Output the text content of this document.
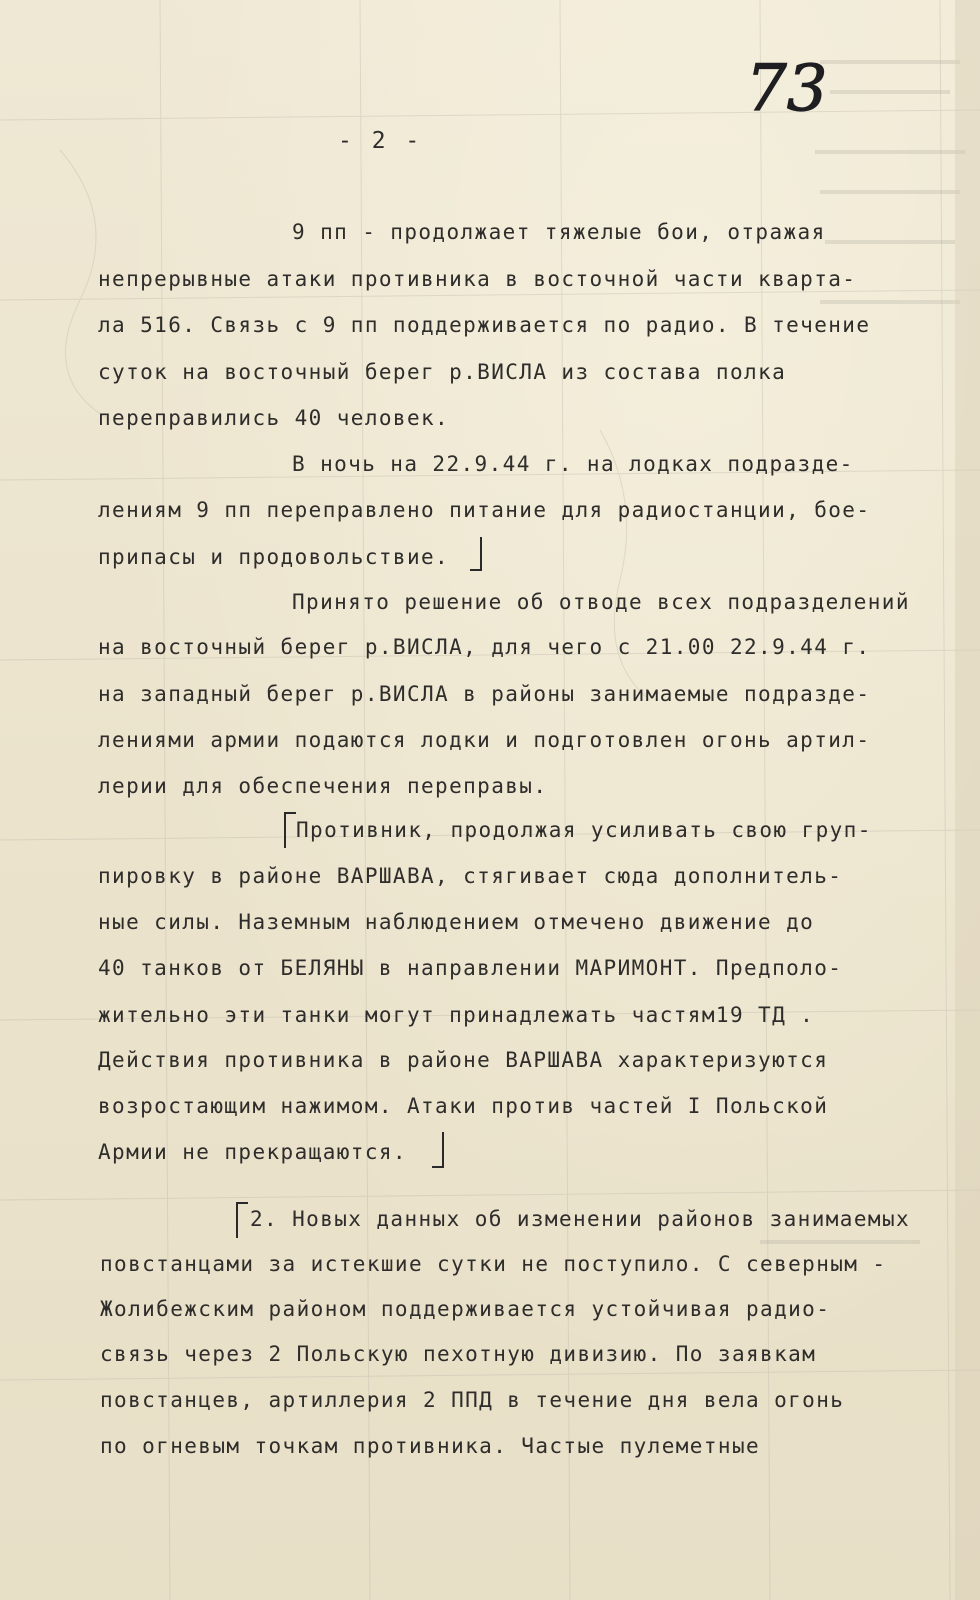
73
- 2 -
9 пп - продолжает тяжелые бои, отражая
непрерывные атаки противника в восточной части кварта-
ла 516. Связь с 9 пп поддерживается по радио. В течение
суток на восточный берег р.ВИСЛА из состава полка
переправились 40 человек.
В ночь на 22.9.44 г. на лодках подразде-
лениям 9 пп переправлено питание для радиостанции, бое-
припасы и продовольствие.
Принято решение об отводе всех подразделений
на восточный берег р.ВИСЛА, для чего с 21.00 22.9.44 г.
на западный берег р.ВИСЛА в районы занимаемые подразде-
лениями армии подаются лодки и подготовлен огонь артил-
лерии для обеспечения переправы.
Противник, продолжая усиливать свою груп-
пировку в районе ВАРШАВА, стягивает сюда дополнитель-
ные силы. Наземным наблюдением отмечено движение до
40 танков от БЕЛЯНЫ в направлении МАРИМОНТ. Предполо-
жительно эти танки могут принадлежать частям19 ТД .
Действия противника в районе ВАРШАВА характеризуются
возростающим нажимом. Атаки против частей I Польской
Армии не прекращаются.
2. Новых данных об изменении районов занимаемых
повстанцами за истекшие сутки не поступило. С северным -
Жолибежским районом поддерживается устойчивая радио-
связь через 2 Польскую пехотную дивизию. По заявкам
повстанцев, артиллерия 2 ППД в течение дня вела огонь
по огневым точкам противника. Частые пулеметные
